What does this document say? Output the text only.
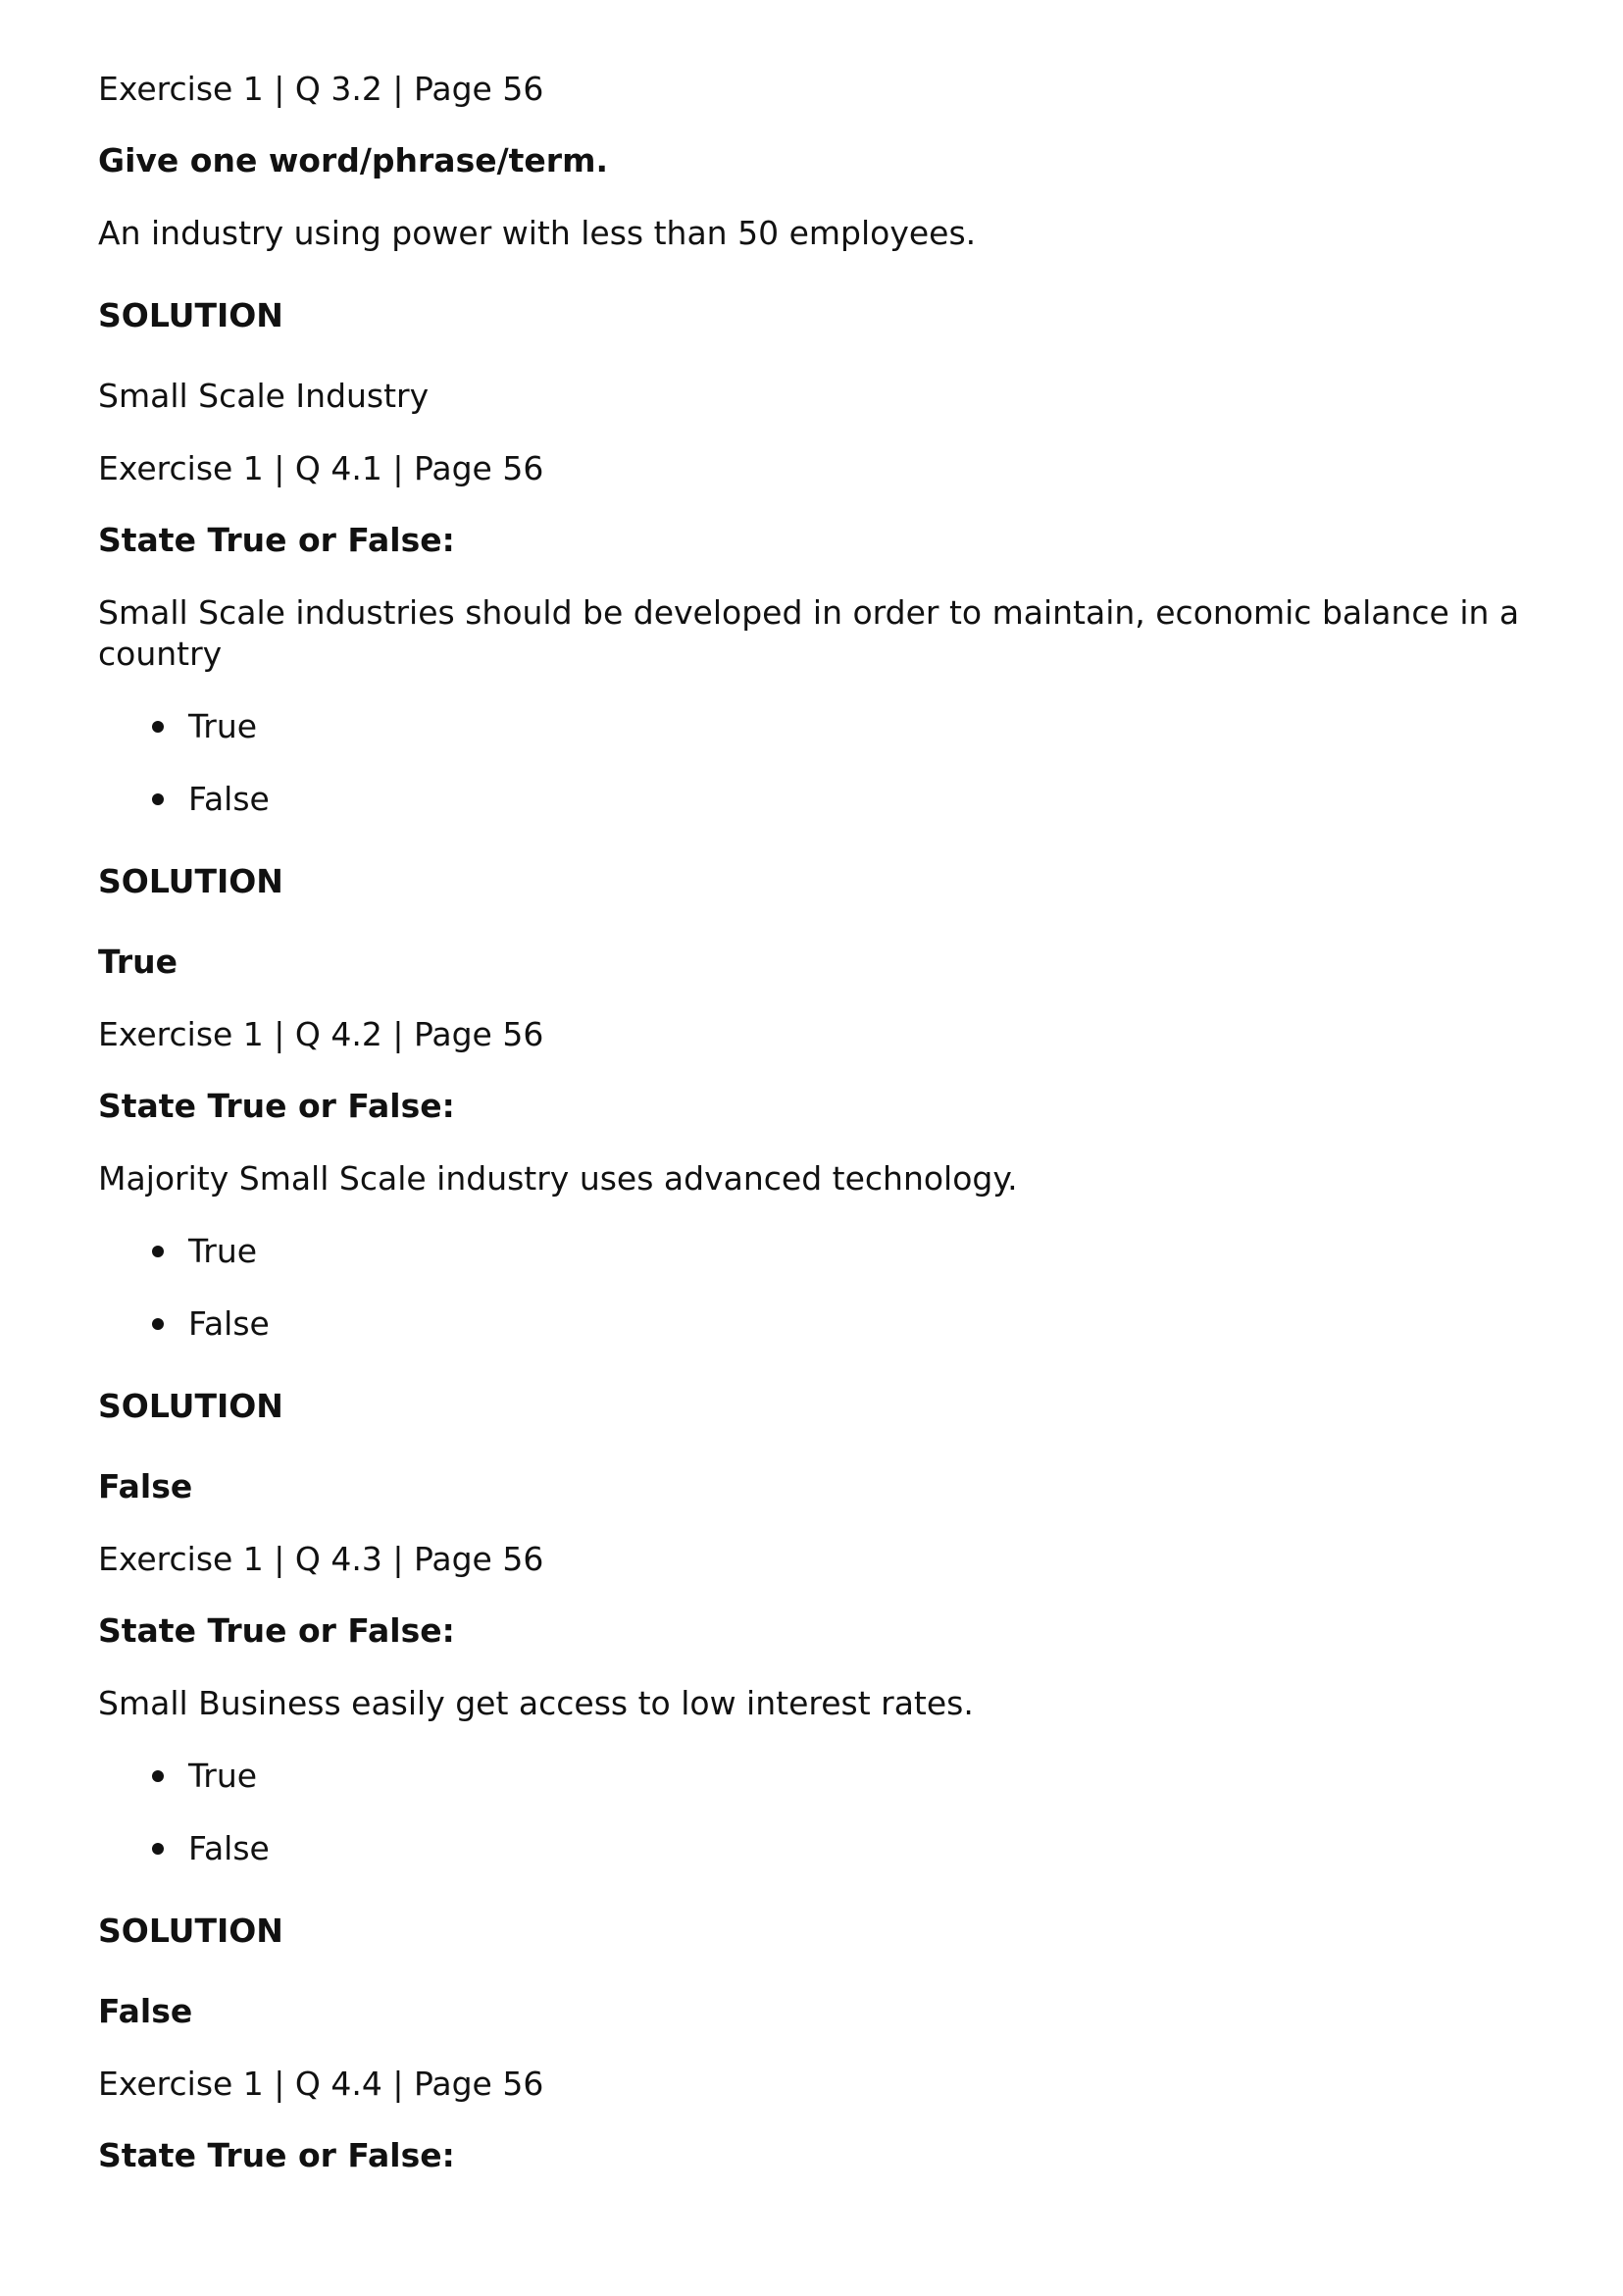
Exercise 1 | Q 3.2 | Page 56
Give one word/phrase/term.
An industry using power with less than 50 employees.
SOLUTION
Small Scale Industry
Exercise 1 | Q 4.1 | Page 56
State True or False:
Small Scale industries should be developed in order to maintain, economic balance in a country
True
False
SOLUTION
True
Exercise 1 | Q 4.2 | Page 56
State True or False:
Majority Small Scale industry uses advanced technology.
True
False
SOLUTION
False
Exercise 1 | Q 4.3 | Page 56
State True or False:
Small Business easily get access to low interest rates.
True
False
SOLUTION
False
Exercise 1 | Q 4.4 | Page 56
State True or False:
